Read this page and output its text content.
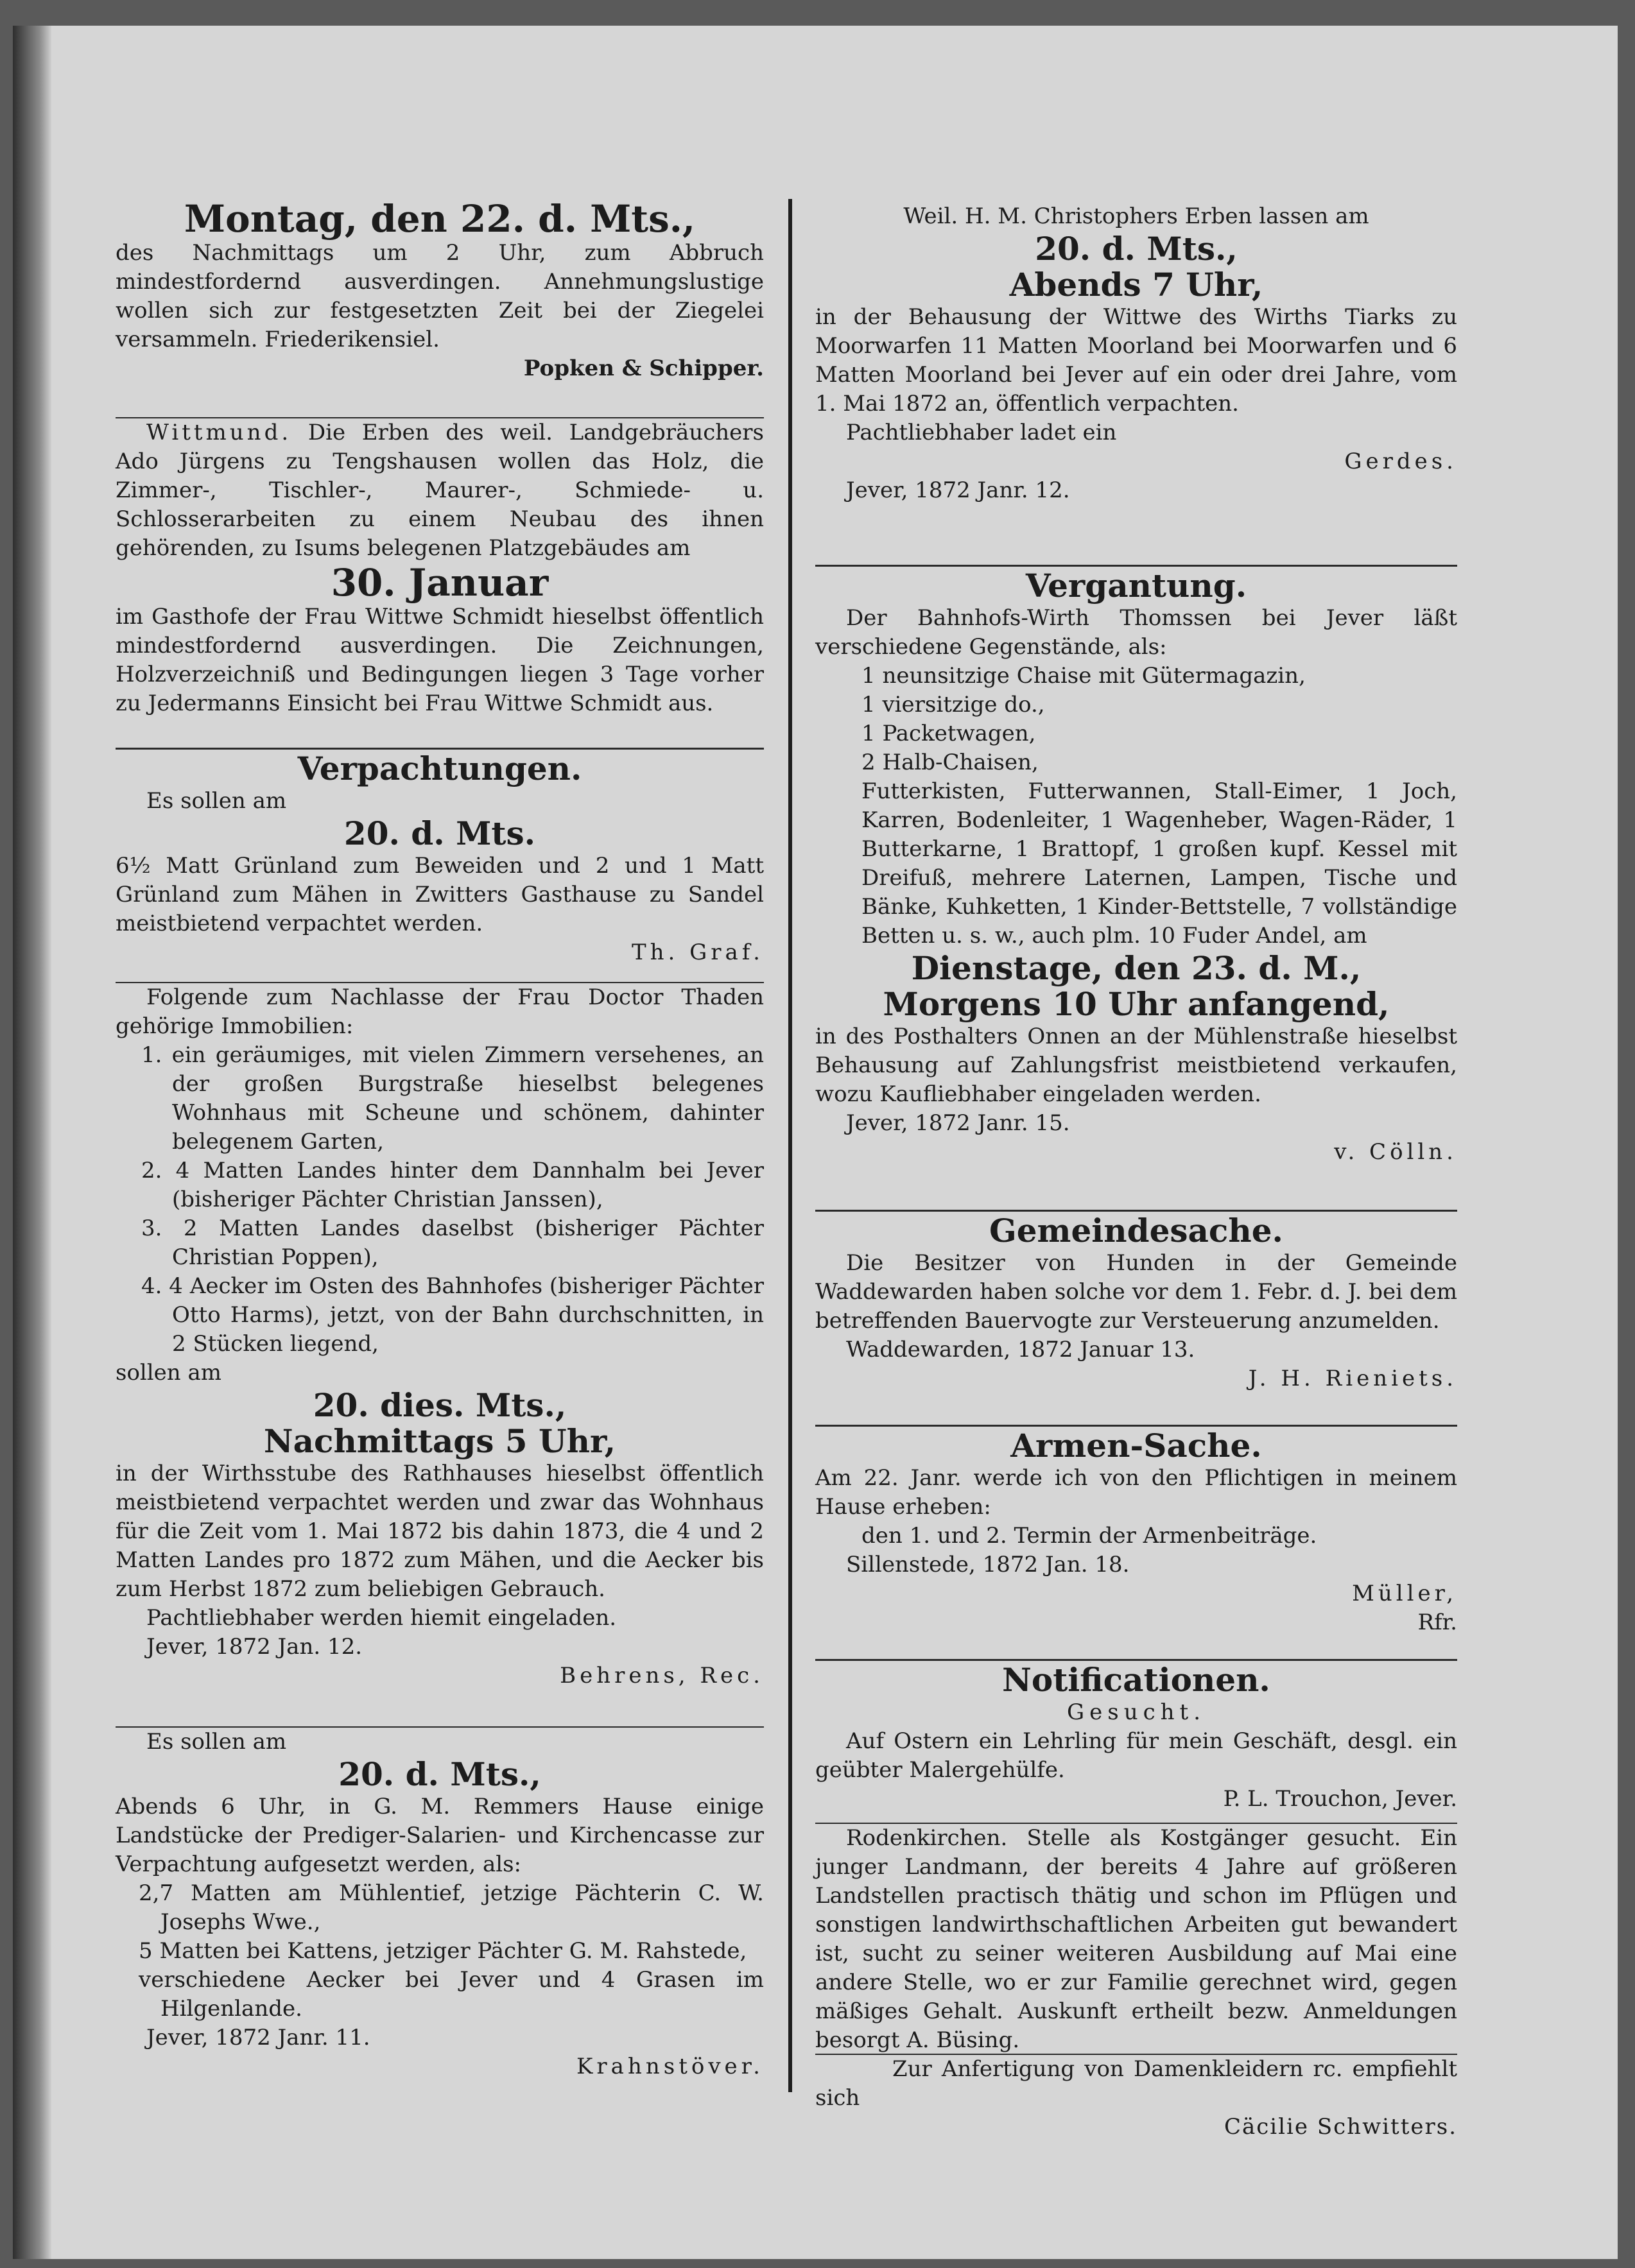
Montag, den 22. d. Mts.,

des Nachmittags um 2 Uhr, zum Abbruch mindestfordernd ausverdingen. Annehmungslustige wollen sich zur festgesetzten Zeit bei der Ziegelei versammeln. Friederikensiel.

Popken & Schipper.

Wittmund. Die Erben des weil. Landgebräuchers Ado Jürgens zu Tengshausen wollen das Holz, die Zimmer-, Tischler-, Maurer-, Schmiede- u. Schlosserarbeiten zu einem Neubau des ihnen gehörenden, zu Isums belegenen Platzgebäudes am

30. Januar

im Gasthofe der Frau Wittwe Schmidt hieselbst öffentlich mindestfordernd ausverdingen. Die Zeichnungen, Holzverzeichniß und Bedingungen liegen 3 Tage vorher zu Jedermanns Einsicht bei Frau Wittwe Schmidt aus.

Verpachtungen.

Es sollen am

20. d. Mts.

6½ Matt Grünland zum Beweiden und 2 und 1 Matt Grünland zum Mähen in Zwitters Gasthause zu Sandel meistbietend verpachtet werden.

Th. Graf.

Folgende zum Nachlasse der Frau Doctor Thaden gehörige Immobilien:

1. ein geräumiges, mit vielen Zimmern versehenes, an der großen Burgstraße hieselbst belegenes Wohnhaus mit Scheune und schönem, dahinter belegenem Garten,
2. 4 Matten Landes hinter dem Dannhalm bei Jever (bisheriger Pächter Christian Janssen),
3. 2 Matten Landes daselbst (bisheriger Pächter Christian Poppen),
4. 4 Aecker im Osten des Bahnhofes (bisheriger Pächter Otto Harms), jetzt, von der Bahn durchschnitten, in 2 Stücken liegend,

sollen am

20. dies. Mts.,

Nachmittags 5 Uhr,

in der Wirthsstube des Rathhauses hieselbst öffentlich meistbietend verpachtet werden und zwar das Wohnhaus für die Zeit vom 1. Mai 1872 bis dahin 1873, die 4 und 2 Matten Landes pro 1872 zum Mähen, und die Aecker bis zum Herbst 1872 zum beliebigen Gebrauch.

Pachtliebhaber werden hiemit eingeladen.

Jever, 1872 Jan. 12.

Behrens, Rec.

Es sollen am

20. d. Mts.,

Abends 6 Uhr, in G. M. Remmers Hause einige Landstücke der Prediger-Salarien- und Kirchencasse zur Verpachtung aufgesetzt werden, als:

2,7 Matten am Mühlentief, jetzige Pächterin C. W. Josephs Wwe.,
5 Matten bei Kattens, jetziger Pächter G. M. Rahstede,
verschiedene Aecker bei Jever und 4 Grasen im Hilgenlande.

Jever, 1872 Janr. 11.

Krahnstöver.

Weil. H. M. Christophers Erben lassen am

20. d. Mts.,

Abends 7 Uhr,

in der Behausung der Wittwe des Wirths Tiarks zu Moorwarfen 11 Matten Moorland bei Moorwarfen und 6 Matten Moorland bei Jever auf ein oder drei Jahre, vom 1. Mai 1872 an, öffentlich verpachten.

Pachtliebhaber ladet ein

Gerdes.

Jever, 1872 Janr. 12.

Vergantung.

Der Bahnhofs-Wirth Thomssen bei Jever läßt verschiedene Gegenstände, als:

1 neunsitzige Chaise mit Gütermagazin,
1 viersitzige do.,
1 Packetwagen,
2 Halb-Chaisen,

Futterkisten, Futterwannen, Stall-Eimer, 1 Joch, Karren, Bodenleiter, 1 Wagenheber, Wagen-Räder, 1 Butterkarne, 1 Brattopf, 1 großen kupf. Kessel mit Dreifuß, mehrere Laternen, Lampen, Tische und Bänke, Kuhketten, 1 Kinder-Bettstelle, 7 vollständige Betten u. s. w., auch plm. 10 Fuder Andel, am

Dienstage, den 23. d. M.,

Morgens 10 Uhr anfangend,

in des Posthalters Onnen an der Mühlenstraße hieselbst Behausung auf Zahlungsfrist meistbietend verkaufen, wozu Kaufliebhaber eingeladen werden.

Jever, 1872 Janr. 15.

v. Cölln.

Gemeindesache.

Die Besitzer von Hunden in der Gemeinde Waddewarden haben solche vor dem 1. Febr. d. J. bei dem betreffenden Bauervogte zur Versteuerung anzumelden.

Waddewarden, 1872 Januar 13.

J. H. Rieniets.

Armen-Sache.

Am 22. Janr. werde ich von den Pflichtigen in meinem Hause erheben:

den 1. und 2. Termin der Armenbeiträge.

Sillenstede, 1872 Jan. 18.

Müller,

Rfr.

Notificationen.

Gesucht.

Auf Ostern ein Lehrling für mein Geschäft, desgl. ein geübter Malergehülfe.

P. L. Trouchon, Jever.

Rodenkirchen. Stelle als Kostgänger gesucht. Ein junger Landmann, der bereits 4 Jahre auf größeren Landstellen practisch thätig und schon im Pflügen und sonstigen landwirthschaftlichen Arbeiten gut bewandert ist, sucht zu seiner weiteren Ausbildung auf Mai eine andere Stelle, wo er zur Familie gerechnet wird, gegen mäßiges Gehalt. Auskunft ertheilt bezw. Anmeldungen besorgt A. Büsing.

Zur Anfertigung von Damenkleidern rc. empfiehlt sich

Cäcilie Schwitters.
